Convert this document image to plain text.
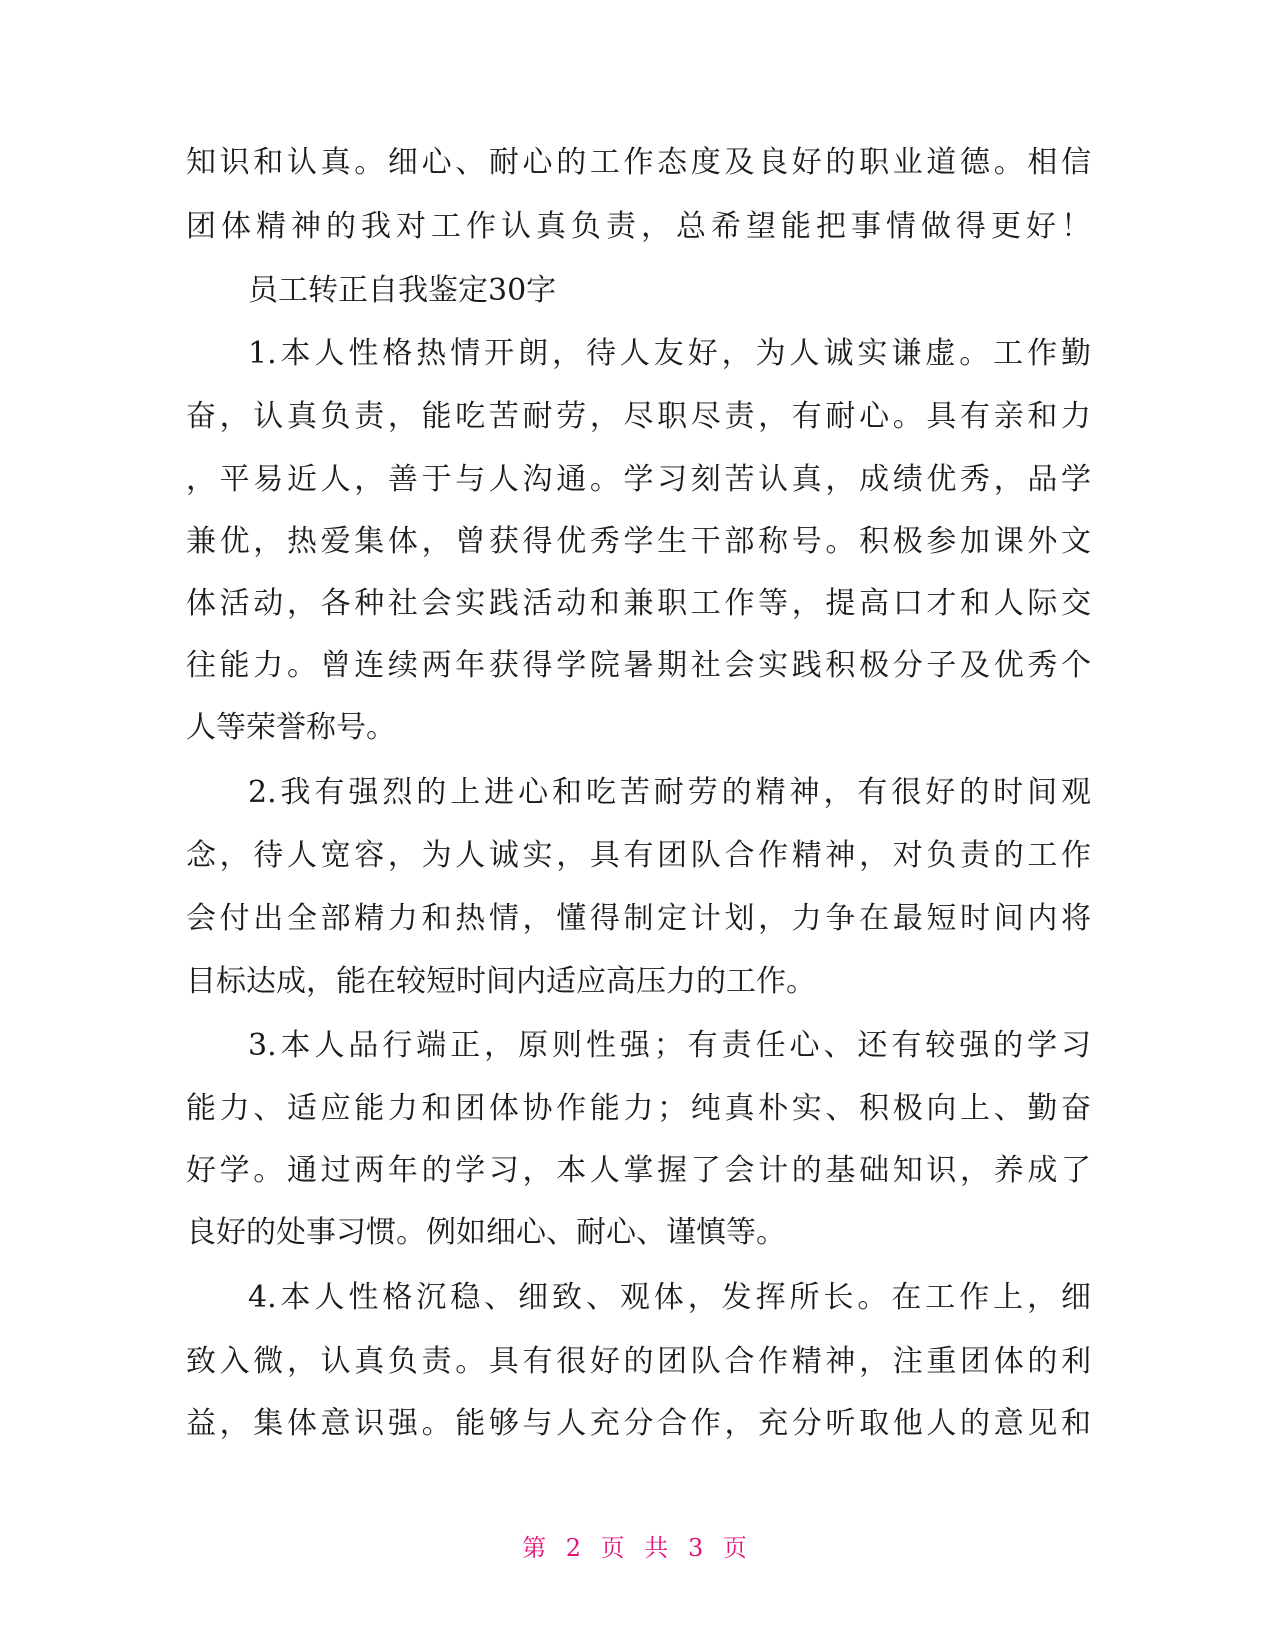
知识和认真。细心、耐心的工作态度及良好的职业道德。相信
团体精神的我对工作认真负责，总希望能把事情做得更好！
员工转正自我鉴定30字
1.本人性格热情开朗，待人友好，为人诚实谦虚。工作勤
奋，认真负责，能吃苦耐劳，尽职尽责，有耐心。具有亲和力
，平易近人，善于与人沟通。学习刻苦认真，成绩优秀，品学
兼优，热爱集体，曾获得优秀学生干部称号。积极参加课外文
体活动，各种社会实践活动和兼职工作等，提高口才和人际交
往能力。曾连续两年获得学院暑期社会实践积极分子及优秀个
人等荣誉称号。
2.我有强烈的上进心和吃苦耐劳的精神，有很好的时间观
念，待人宽容，为人诚实，具有团队合作精神，对负责的工作
会付出全部精力和热情，懂得制定计划，力争在最短时间内将
目标达成，能在较短时间内适应高压力的工作。
3.本人品行端正，原则性强；有责任心、还有较强的学习
能力、适应能力和团体协作能力；纯真朴实、积极向上、勤奋
好学。通过两年的学习，本人掌握了会计的基础知识，养成了
良好的处事习惯。例如细心、耐心、谨慎等。
4.本人性格沉稳、细致、观体，发挥所长。在工作上，细
致入微，认真负责。具有很好的团队合作精神，注重团体的利
益，集体意识强。能够与人充分合作，充分听取他人的意见和
第 2 页 共 3 页
